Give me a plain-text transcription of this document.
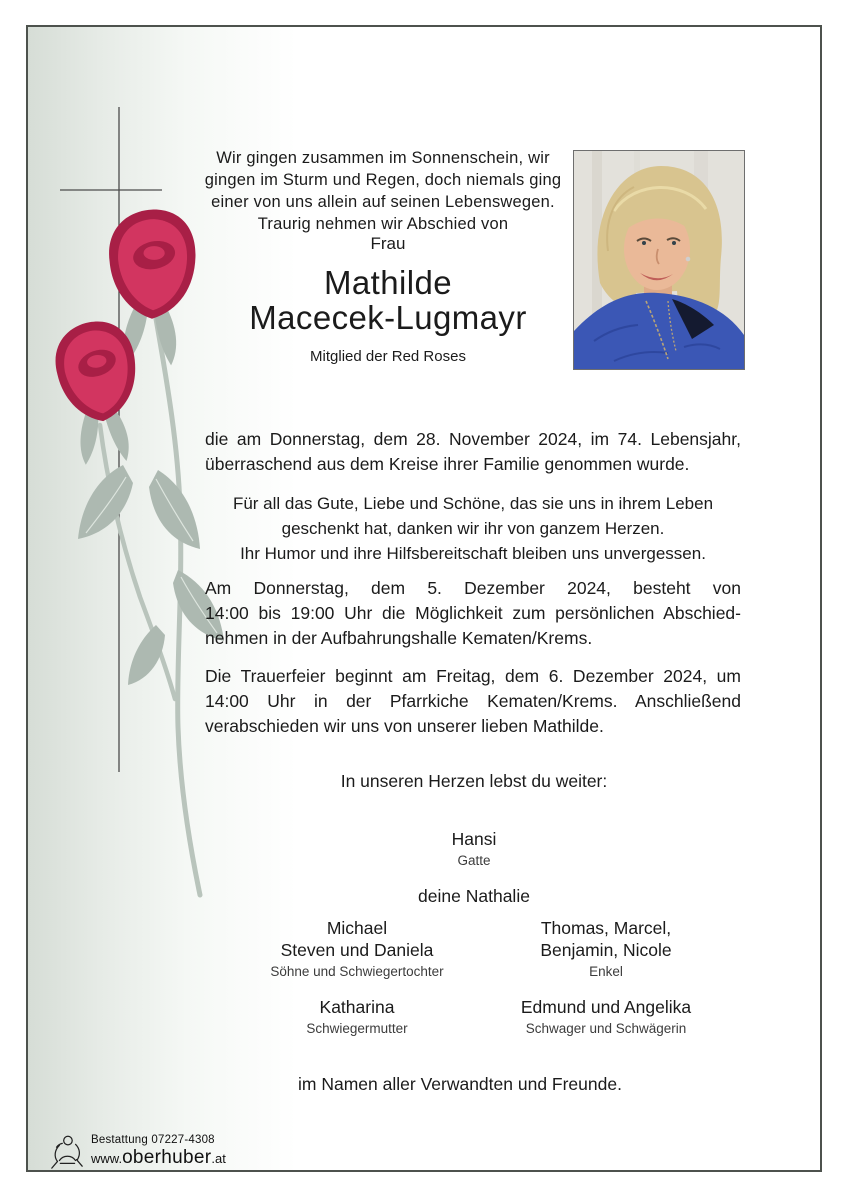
Wir gingen zusammen im Sonnenschein, wir
gingen im Sturm und Regen, doch niemals ging
einer von uns allein auf seinen Lebenswegen.
Traurig nehmen wir Abschied von
Frau
Mathilde
Macecek-Lugmayr
Mitglied der Red Roses
die am Donnerstag, dem 28. November 2024, im 74. Lebensjahr,
überraschend aus dem Kreise ihrer Familie genommen wurde.
Für all das Gute, Liebe und Schöne, das sie uns in ihrem Leben
geschenkt hat, danken wir ihr von ganzem Herzen.
Ihr Humor und ihre Hilfsbereitschaft bleiben uns unvergessen.
Am Donnerstag, dem 5. Dezember 2024, besteht von
14:00 bis 19:00 Uhr die Möglichkeit zum persönlichen Abschied-
nehmen in der Aufbahrungshalle Kematen/Krems.
Die Trauerfeier beginnt am Freitag, dem 6. Dezember 2024, um
14:00 Uhr in der Pfarrkiche Kematen/Krems. Anschließend
verabschieden wir uns von unserer lieben Mathilde.
In unseren Herzen lebst du weiter:
Hansi
Gatte
deine Nathalie
Michael
Steven und Daniela
Söhne und Schwiegertochter
Thomas, Marcel,
Benjamin, Nicole
Enkel
Katharina
Schwiegermutter
Edmund und Angelika
Schwager und Schwägerin
im Namen aller Verwandten und Freunde.
Bestattung 07227-4308
www. oberhuber .at
